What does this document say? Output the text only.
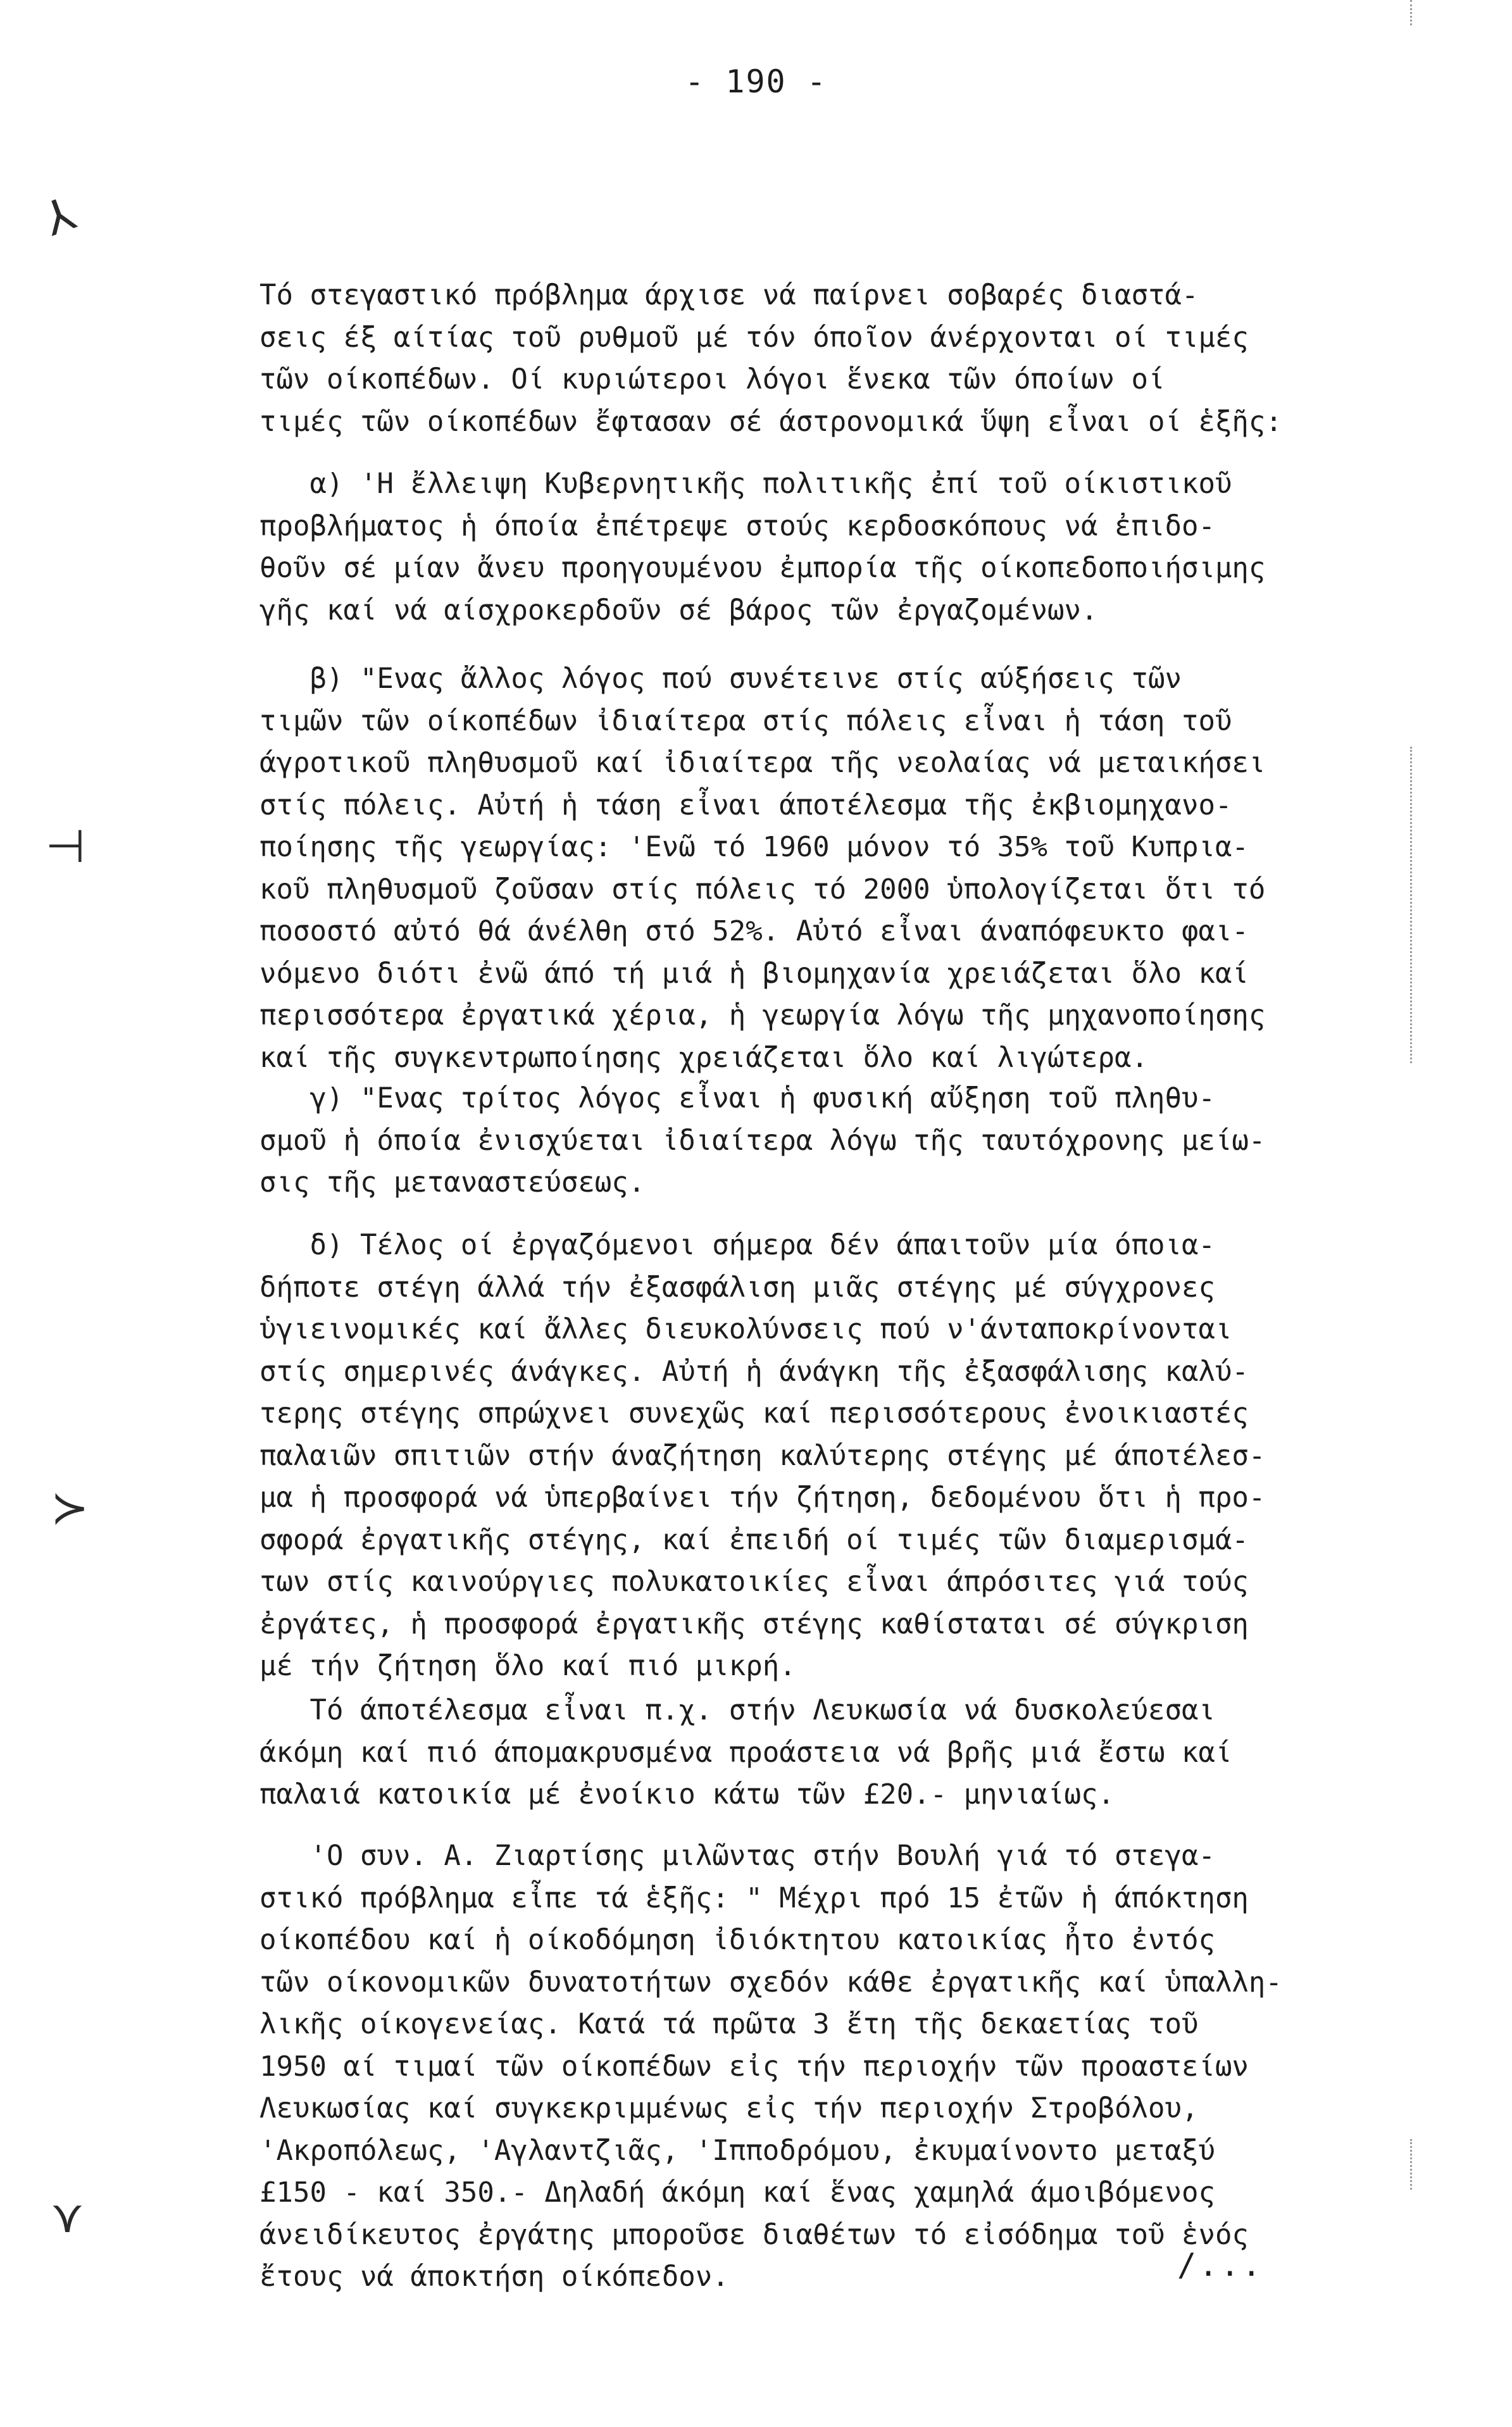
- 190 -
⅄
⊣
≻
⋎
Τό στεγαστικό πρόβλημα άρχισε νά παίρνει σοβαρές διαστά-
σεις έξ αίτίας τοῦ ρυθμοῦ μέ τόν όποῖον άνέρχονται οί τιμές
τῶν οίκοπέδων. Οί κυριώτεροι λόγοι ἕνεκα τῶν όποίων οί
τιμές τῶν οίκοπέδων ἔφτασαν σέ άστρονομικά ὕψη εἶναι οί ἑξῆς:
α) 'Η ἔλλειψη Κυβερνητικῆς πολιτικῆς ἐπί τοῦ οίκιστικοῦ
προβλήματος ἡ όποία ἐπέτρεψε στούς κερδοσκόπους νά ἐπιδο-
θοῦν σέ μίαν ἄνευ προηγουμένου ἐμπορία τῆς οίκοπεδοποιήσιμης
γῆς καί νά αίσχροκερδοῦν σέ βάρος τῶν ἐργαζομένων.
β) "Ενας ἄλλος λόγος πού συνέτεινε στίς αύξήσεις τῶν
τιμῶν τῶν οίκοπέδων ἰδιαίτερα στίς πόλεις εἶναι ἡ τάση τοῦ
άγροτικοῦ πληθυσμοῦ καί ἰδιαίτερα τῆς νεολαίας νά μεταικήσει
στίς πόλεις. Αὐτή ἡ τάση εἶναι άποτέλεσμα τῆς ἐκβιομηχανο-
ποίησης τῆς γεωργίας: 'Ενῶ τό 1960 μόνον τό 35% τοῦ Κυπρια-
κοῦ πληθυσμοῦ ζοῦσαν στίς πόλεις τό 2000 ὑπολογίζεται ὅτι τό
ποσοστό αὐτό θά άνέλθη στό 52%. Αὐτό εἶναι άναπόφευκτο φαι-
νόμενο διότι ἐνῶ άπό τή μιά ἡ βιομηχανία χρειάζεται ὅλο καί
περισσότερα ἐργατικά χέρια, ἡ γεωργία λόγω τῆς μηχανοποίησης
καί τῆς συγκεντρωποίησης χρειάζεται ὅλο καί λιγώτερα.
γ) "Ενας τρίτος λόγος εἶναι ἡ φυσική αὔξηση τοῦ πληθυ-
σμοῦ ἡ όποία ἐνισχύεται ἰδιαίτερα λόγω τῆς ταυτόχρονης μείω-
σις τῆς μεταναστεύσεως.
δ) Τέλος οί ἐργαζόμενοι σήμερα δέν άπαιτοῦν μία όποια-
δήποτε στέγη άλλά τήν ἐξασφάλιση μιᾶς στέγης μέ σύγχρονες
ὑγιεινομικές καί ἄλλες διευκολύνσεις πού ν'άνταποκρίνονται
στίς σημερινές άνάγκες. Αὐτή ἡ άνάγκη τῆς ἐξασφάλισης καλύ-
τερης στέγης σπρώχνει συνεχῶς καί περισσότερους ἐνοικιαστές
παλαιῶν σπιτιῶν στήν άναζήτηση καλύτερης στέγης μέ άποτέλεσ-
μα ἡ προσφορά νά ὑπερβαίνει τήν ζήτηση, δεδομένου ὅτι ἡ προ-
σφορά ἐργατικῆς στέγης, καί ἐπειδή οί τιμές τῶν διαμερισμά-
των στίς καινούργιες πολυκατοικίες εἶναι άπρόσιτες γιά τούς
ἐργάτες, ἡ προσφορά ἐργατικῆς στέγης καθίσταται σέ σύγκριση
μέ τήν ζήτηση ὅλο καί πιό μικρή.
Τό άποτέλεσμα εἶναι π.χ. στήν Λευκωσία νά δυσκολεύεσαι
άκόμη καί πιό άπομακρυσμένα προάστεια νά βρῆς μιά ἔστω καί
παλαιά κατοικία μέ ἐνοίκιο κάτω τῶν £20.- μηνιαίως.
'Ο συν. Α. Ζιαρτίσης μιλῶντας στήν Βουλή γιά τό στεγα-
στικό πρόβλημα εἶπε τά ἑξῆς: " Μέχρι πρό 15 ἐτῶν ἡ άπόκτηση
οίκοπέδου καί ἡ οίκοδόμηση ἰδιόκτητου κατοικίας ἦτο ἐντός
τῶν οίκονομικῶν δυνατοτήτων σχεδόν κάθε ἐργατικῆς καί ὑπαλλη-
λικῆς οίκογενείας. Κατά τά πρῶτα 3 ἔτη τῆς δεκαετίας τοῦ
1950 αί τιμαί τῶν οίκοπέδων εἰς τήν περιοχήν τῶν προαστείων
Λευκωσίας καί συγκεκριμμένως εἰς τήν περιοχήν Στροβόλου,
'Ακροπόλεως, 'Αγλαντζιᾶς, 'Ιπποδρόμου, ἐκυμαίνοντο μεταξύ
£150 - καί 350.- Δηλαδή άκόμη καί ἕνας χαμηλά άμοιβόμενος
άνειδίκευτος ἐργάτης μποροῦσε διαθέτων τό εἰσόδημα τοῦ ἑνός
ἔτους νά άποκτήση οίκόπεδον.	/...
